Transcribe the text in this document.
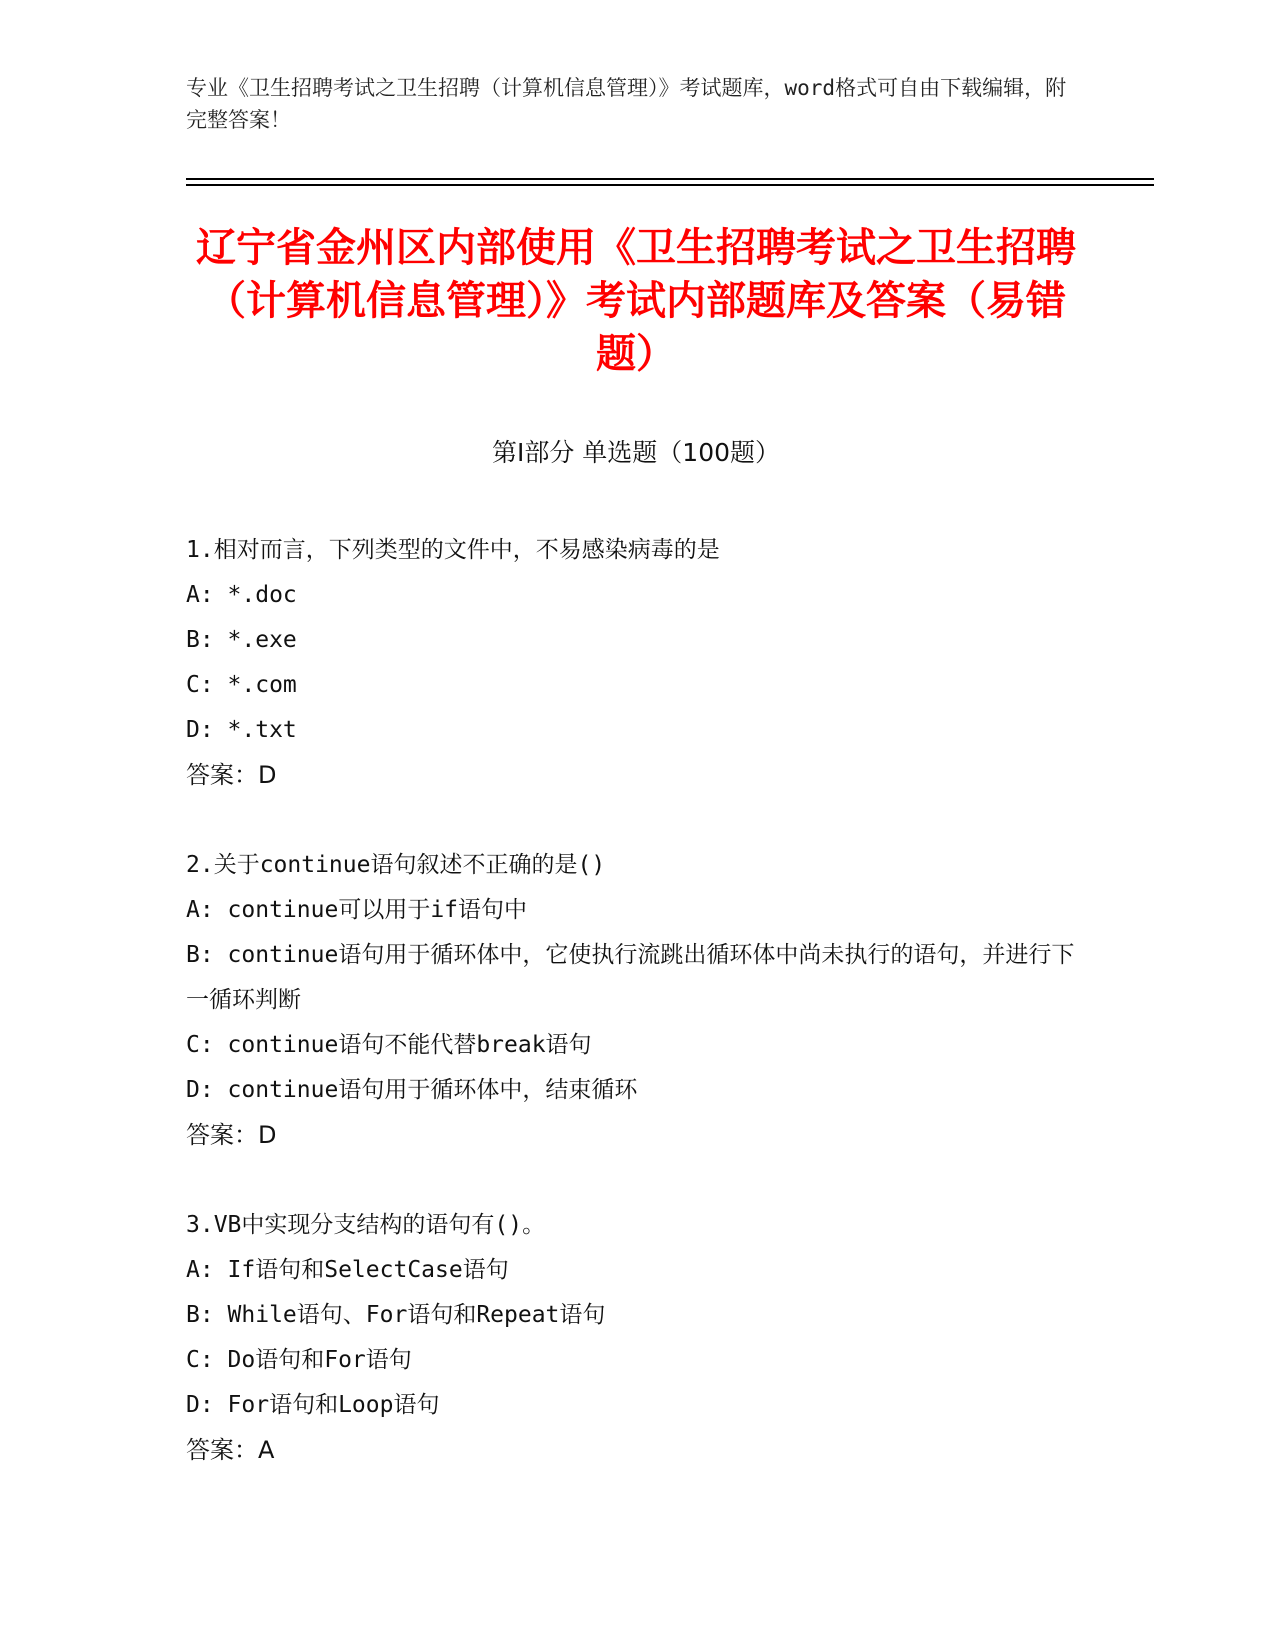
专业《卫生招聘考试之卫生招聘（计算机信息管理）》考试题库，word格式可自由下载编辑，附完整答案！
辽宁省金州区内部使用《卫生招聘考试之卫生招聘（计算机信息管理）》考试内部题库及答案（易错题）
第I部分 单选题（100题）
1.相对而言，下列类型的文件中，不易感染病毒的是
A: *.doc
B: *.exe
C: *.com
D: *.txt
答案：D
2.关于continue语句叙述不正确的是()
A: continue可以用于if语句中
B: continue语句用于循环体中，它使执行流跳出循环体中尚未执行的语句，并进行下一循环判断
C: continue语句不能代替break语句
D: continue语句用于循环体中，结束循环
答案：D
3.VB中实现分支结构的语句有()。
A: If语句和SelectCase语句
B: While语句、For语句和Repeat语句
C: Do语句和For语句
D: For语句和Loop语句
答案：A
